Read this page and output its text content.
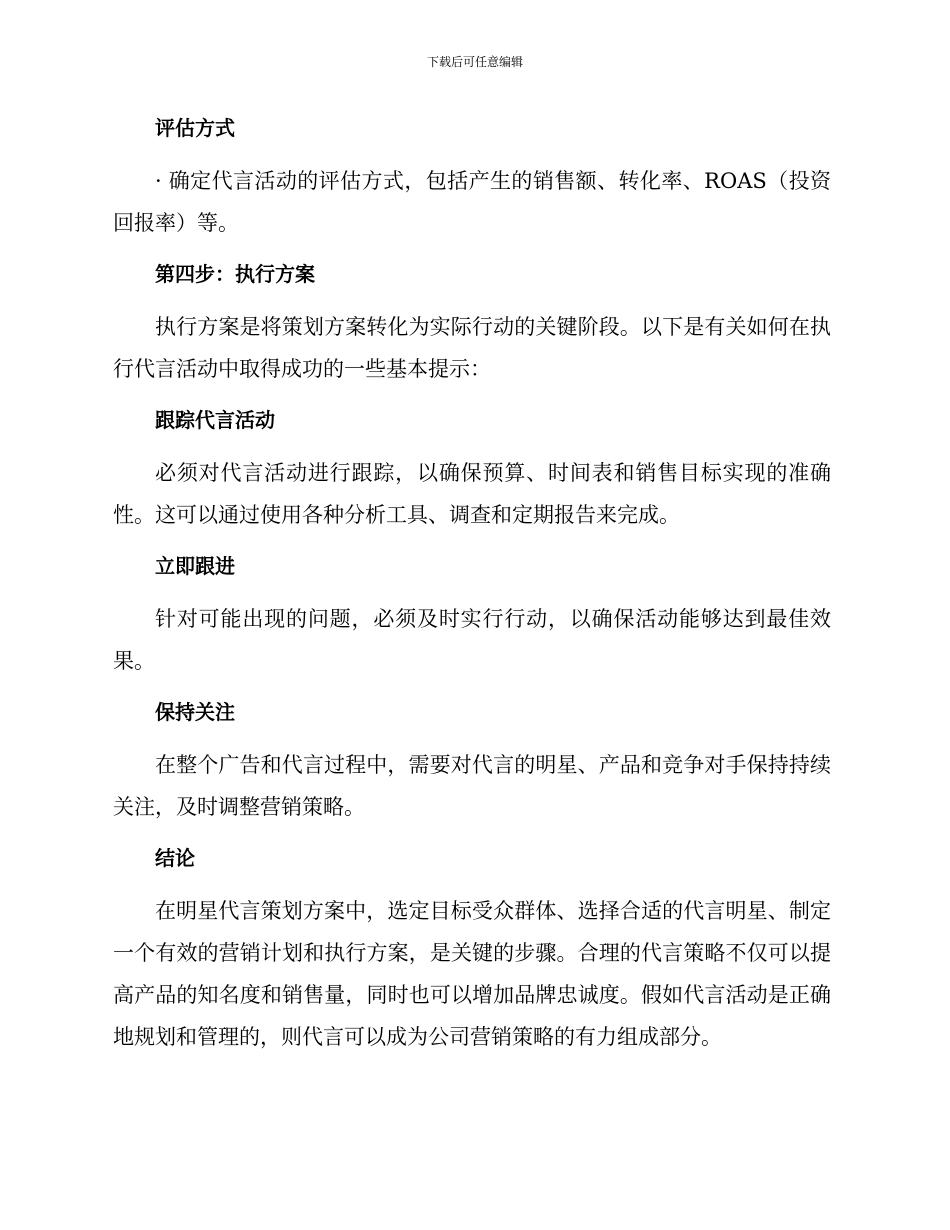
下载后可任意编辑
评估方式
· 确定代言活动的评估方式，包括产生的销售额、转化率、ROAS（投资回报率）等。
第四步：执行方案
执行方案是将策划方案转化为实际行动的关键阶段。以下是有关如何在执行代言活动中取得成功的一些基本提示：
跟踪代言活动
必须对代言活动进行跟踪，以确保预算、时间表和销售目标实现的准确性。这可以通过使用各种分析工具、调查和定期报告来完成。
立即跟进
针对可能出现的问题，必须及时实行行动，以确保活动能够达到最佳效果。
保持关注
在整个广告和代言过程中，需要对代言的明星、产品和竞争对手保持持续关注，及时调整营销策略。
结论
在明星代言策划方案中，选定目标受众群体、选择合适的代言明星、制定一个有效的营销计划和执行方案，是关键的步骤。合理的代言策略不仅可以提高产品的知名度和销售量，同时也可以增加品牌忠诚度。假如代言活动是正确地规划和管理的，则代言可以成为公司营销策略的有力组成部分。
